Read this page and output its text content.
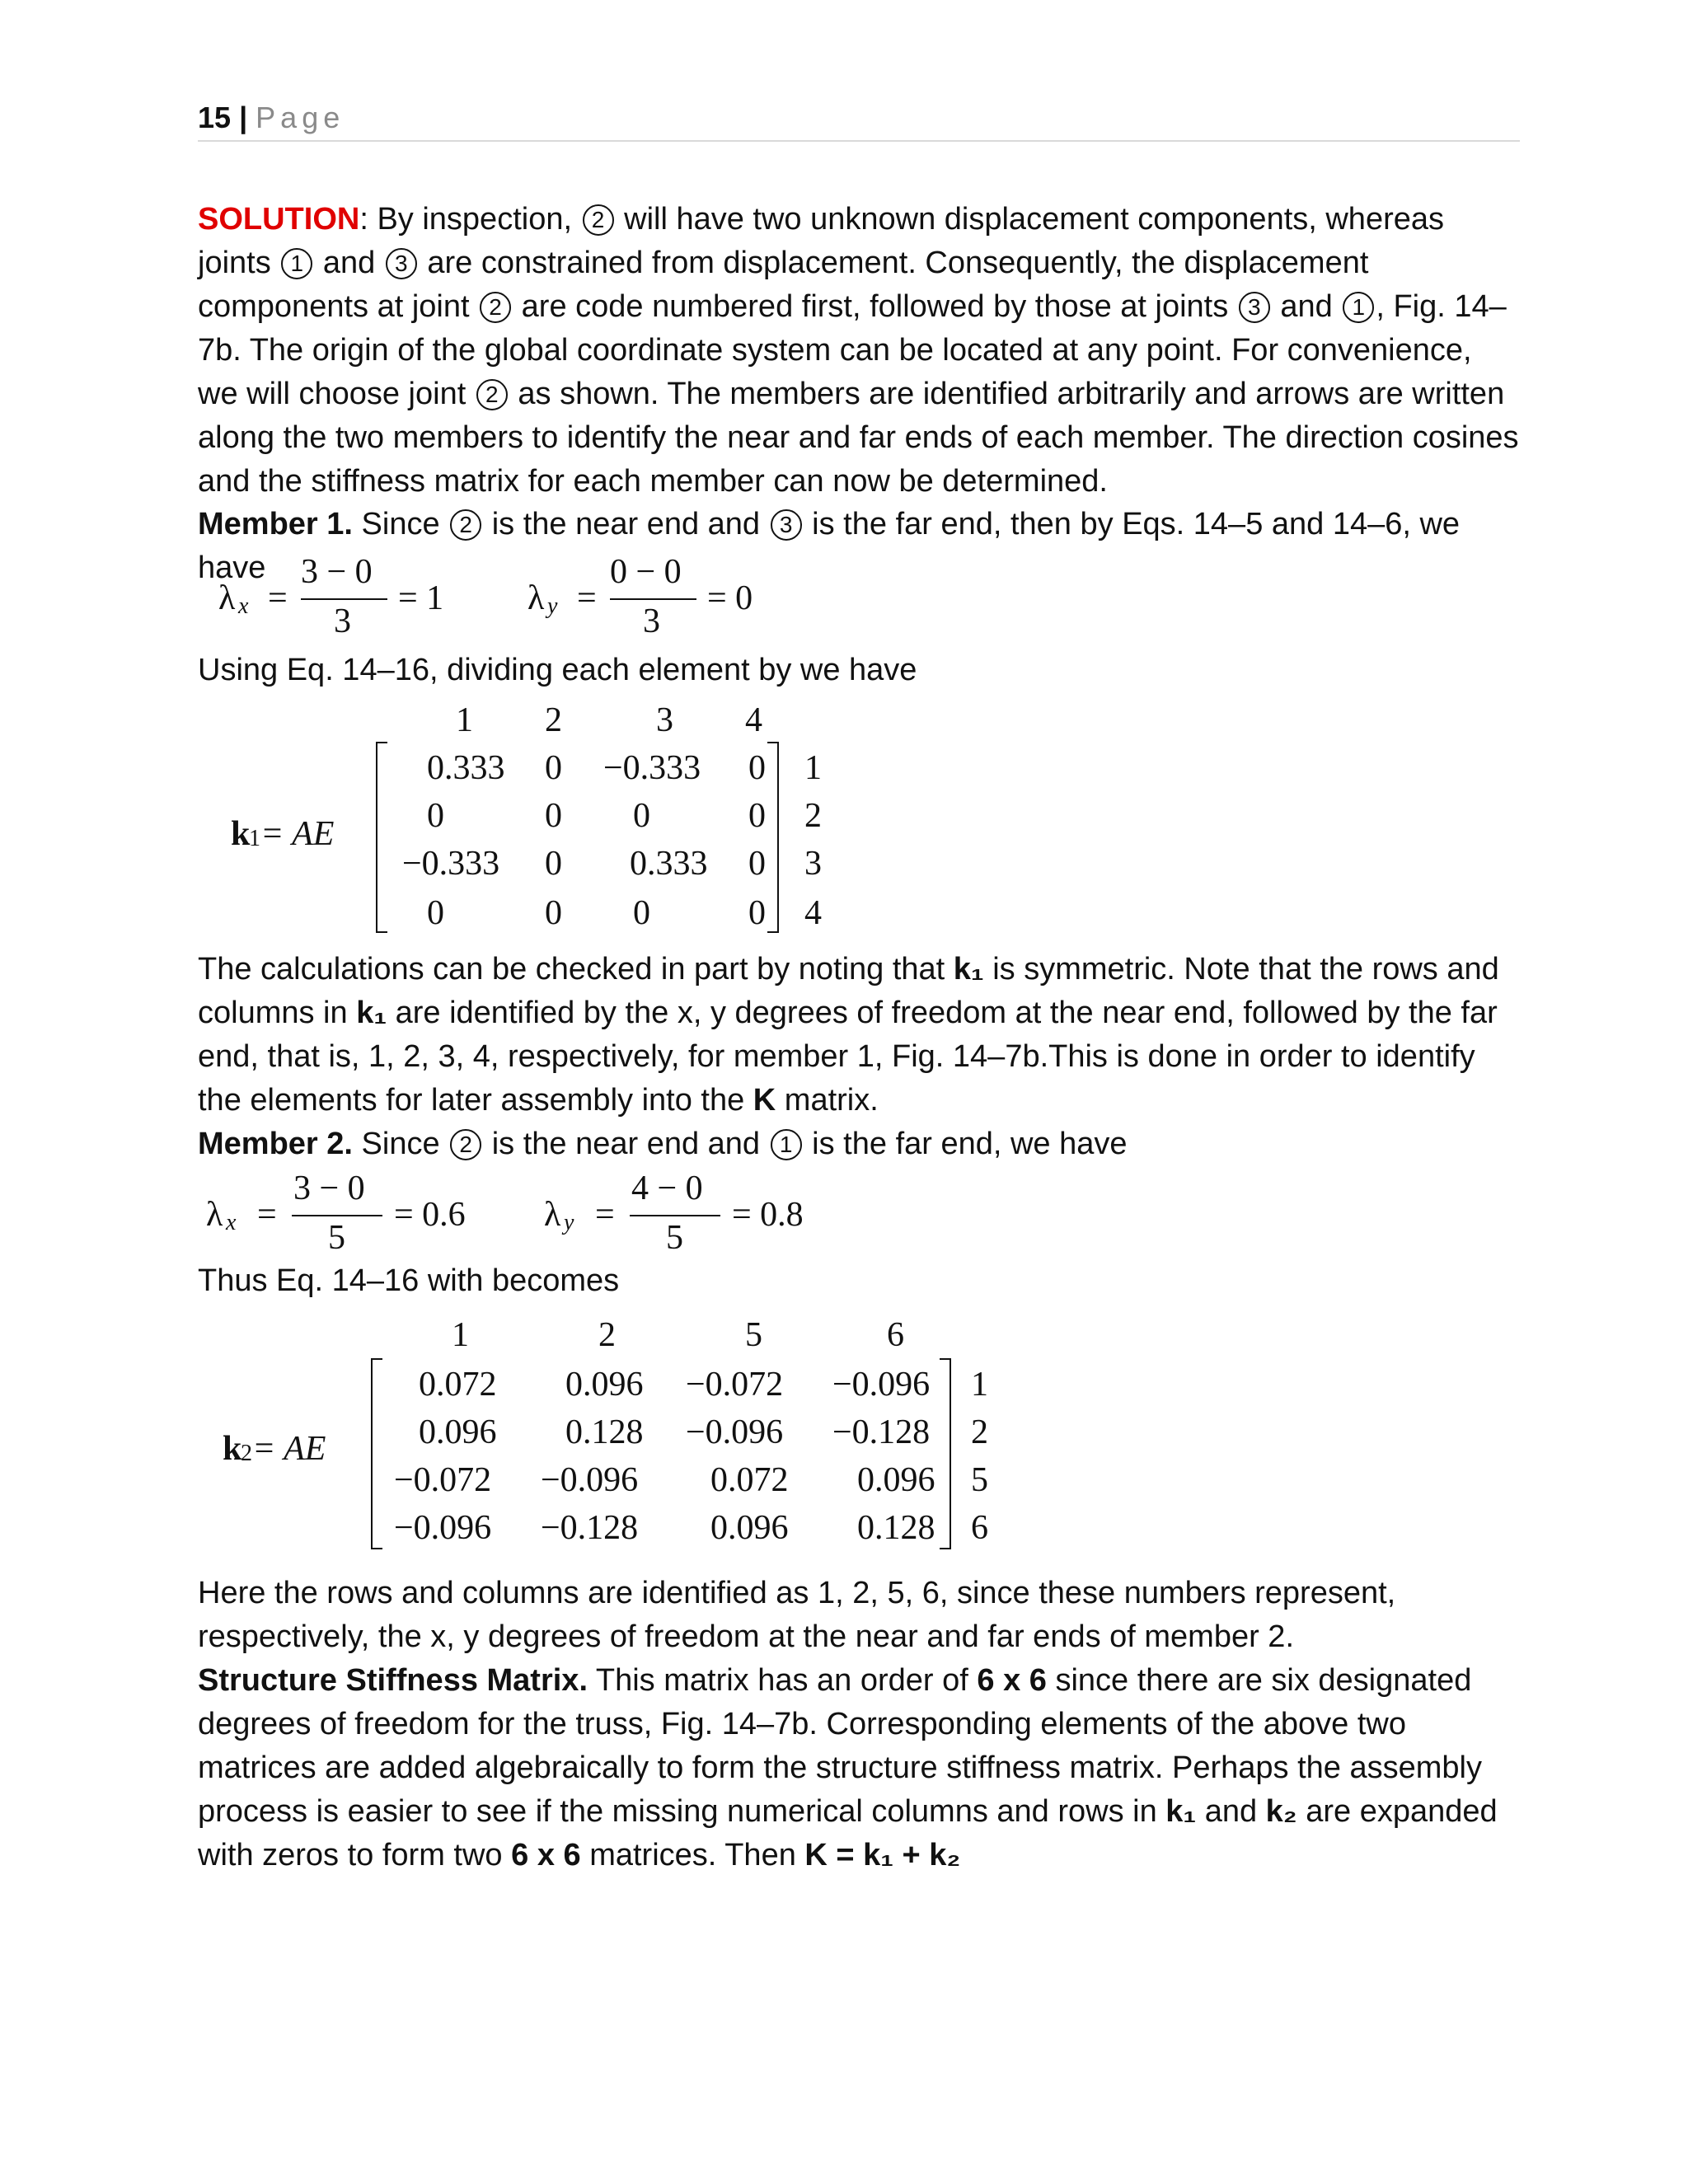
15 | Page

SOLUTION: By inspection, 2 will have two unknown displacement components, whereas joints 1 and 3 are constrained from displacement. Consequently, the displacement components at joint 2 are code numbered first, followed by those at joints 3 and 1 , Fig. 14–7b. The origin of the global coordinate system can be located at any point. For convenience, we will choose joint 2 as shown. The members are identified arbitrarily and arrows are written along the two members to identify the near and far ends of each member. The direction cosines and the stiffness matrix for each member can now be determined.

Member 1. Since 2 is the near end and 3 is the far end, then by Eqs. 14–5 and 14–6, we have

λ x =
3 − 0
3
= 1 λ y =
0 − 0
3
= 0

Using Eq. 14–16, dividing each element by we have

k
1 = AE
1 2	3 4
0.333 0 −0.333 0
0	0 0	0
−0.333 0 0.333 0
0	0 0	0
1
2
3
4

The calculations can be checked in part by noting that k₁ is symmetric. Note that the rows and columns in k₁ are identified by the x, y degrees of freedom at the near end, followed by the far end, that is, 1, 2, 3, 4, respectively, for member 1, Fig. 14–7b.This is done in order to identify the elements for later assembly into the K matrix.

Member 2. Since 2 is the near end and 1 is the far end, we have

λ x =
3 − 0
5
= 0.6 λ y =
4 − 0
5
= 0.8

Thus Eq. 14–16 with becomes

k
2 = AE
1	2	5	6
0.072 0.096 −0.072 −0.096
0.096 0.128 −0.096 −0.128
−0.072 −0.096 0.072 0.096
−0.096 −0.128 0.096 0.128
1
2
5
6

Here the rows and columns are identified as 1, 2, 5, 6, since these numbers represent, respectively, the x, y degrees of freedom at the near and far ends of member 2.

Structure Stiffness Matrix. This matrix has an order of 6 x 6 since there are six designated degrees of freedom for the truss, Fig. 14–7b. Corresponding elements of the above two matrices are added algebraically to form the structure stiffness matrix. Perhaps the assembly process is easier to see if the missing numerical columns and rows in k₁ and k₂ are expanded with zeros to form two 6 x 6 matrices. Then K = k₁ + k₂
